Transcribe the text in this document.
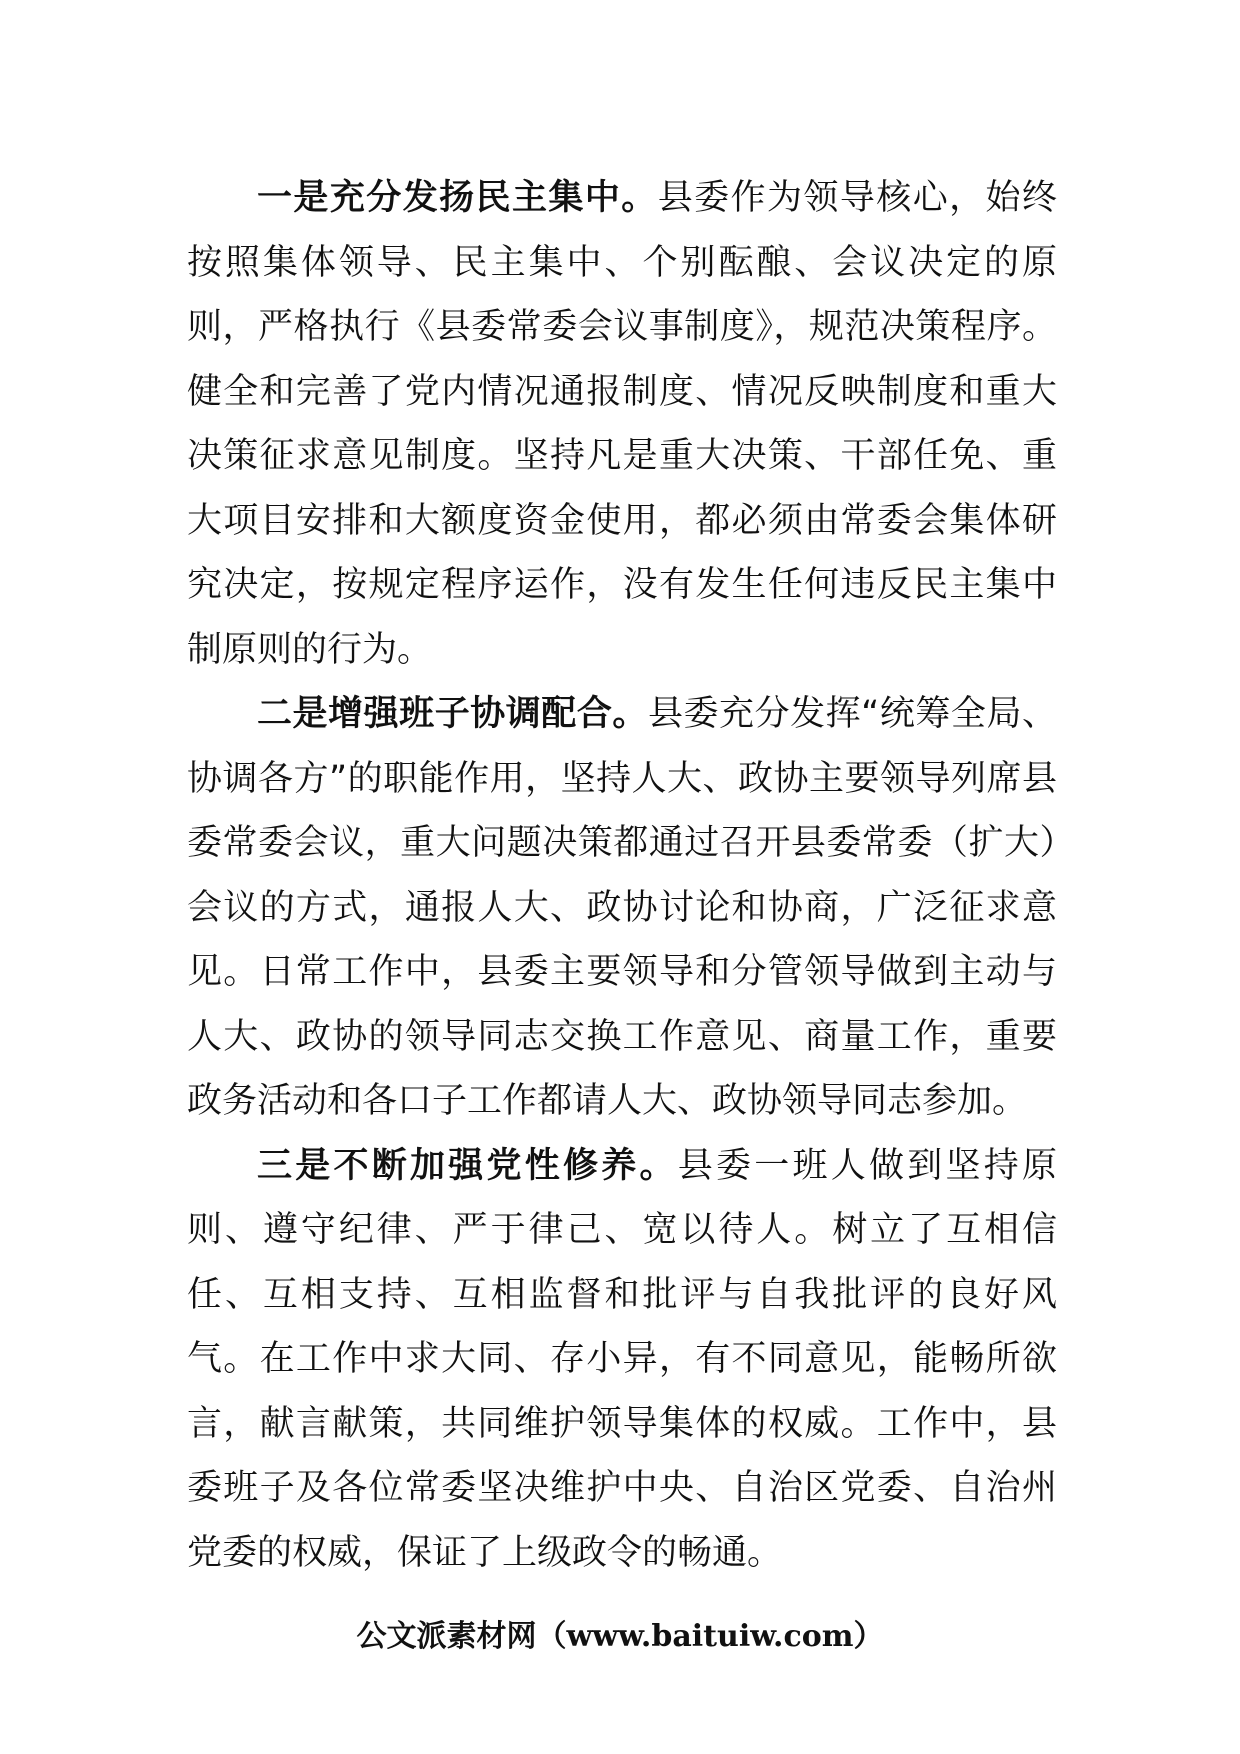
一是充分发扬民主集中。县委作为领导核心，始终按照集体领导、民主集中、个别酝酿、会议决定的原则，严格执行《县委常委会议事制度》，规范决策程序。健全和完善了党内情况通报制度、情况反映制度和重大决策征求意见制度。坚持凡是重大决策、干部任免、重大项目安排和大额度资金使用，都必须由常委会集体研究决定，按规定程序运作，没有发生任何违反民主集中制原则的行为。

二是增强班子协调配合。县委充分发挥“统筹全局、协调各方”的职能作用，坚持人大、政协主要领导列席县委常委会议，重大问题决策都通过召开县委常委（扩大）会议的方式，通报人大、政协讨论和协商，广泛征求意见。日常工作中，县委主要领导和分管领导做到主动与人大、政协的领导同志交换工作意见、商量工作，重要政务活动和各口子工作都请人大、政协领导同志参加。

三是不断加强党性修养。县委一班人做到坚持原则、遵守纪律、严于律己、宽以待人。树立了互相信任、互相支持、互相监督和批评与自我批评的良好风气。在工作中求大同、存小异，有不同意见，能畅所欲言，献言献策，共同维护领导集体的权威。工作中，县委班子及各位常委坚决维护中央、自治区党委、自治州党委的权威，保证了上级政令的畅通。

公文派素材网（www.baituiw.com）
